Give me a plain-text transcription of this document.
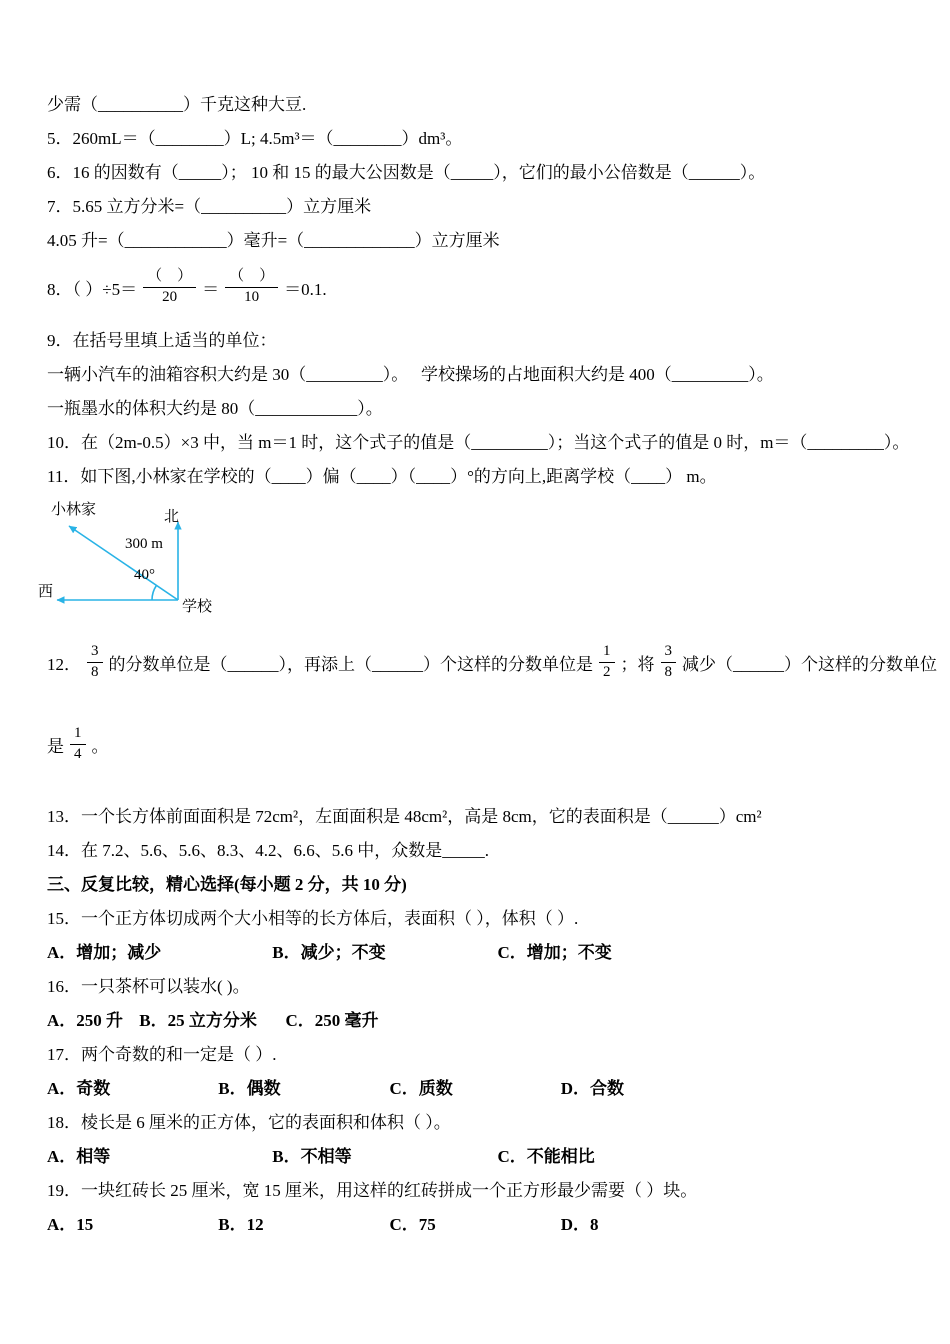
少需（__________）千克这种大豆.
5．260mL＝（________）L; 4.5m³＝（________）dm³。
6．16 的因数有（_____）； 10 和 15 的最大公因数是（_____），它们的最小公倍数是（______）。
7．5.65 立方分米=（__________）立方厘米
4.05 升=（____________）毫升=（_____________）立方厘米
8．（ ）$\div 5= \frac{( )}{20} = \frac{( )}{10} =0.1$.
9．在括号里填上适当的单位：
一辆小汽车的油箱容积大约是 30（_________）。　 学校操场的占地面积大约是 400（_________）。
一瓶墨水的体积大约是 80（____________）。
10．在（2m-0.5）×3 中，当 m＝1 时，这个式子的值是（_________）；当这个式子的值是 0 时，m＝（_________）。
11．如下图,小林家在学校的（____）偏（____）（____）°的方向上,距离学校（____） m。
小林家	北
300 m
40°
西
学校
12． $\frac{3}{8}$ 的分数单位是（______），再添上（______）个这样的分数单位是 $\frac{1}{2}$ ；将 $\frac{3}{8}$ 减少（______）个这样的分数单位
是 $\frac{1}{4}$ 。
13．一个长方体前面面积是 72cm²，左面面积是 48cm²，高是 8cm，它的表面积是（______）cm²
14．在 7.2、5.6、5.6、8.3、4.2、6.6、5.6 中，众数是_____.
三、反复比较，精心选择(每小题 2 分，共 10 分)
15．一个正方体切成两个大小相等的长方体后，表面积（ ），体积（ ）.
A．增加；减少	B．减少；不变	C．增加；不变
16．一只茶杯可以装水( )。
A．250 升 B．25 立方分米 C．250 毫升
17．两个奇数的和一定是（ ）.
A．奇数	B．偶数	C．质数	D．合数
18．棱长是 6 厘米的正方体，它的表面积和体积（ ）。
A．相等	B．不相等	C．不能相比
19．一块红砖长 25 厘米，宽 15 厘米，用这样的红砖拼成一个正方形最少需要（ ）块。
A．15	B．12	C．75	D．8
